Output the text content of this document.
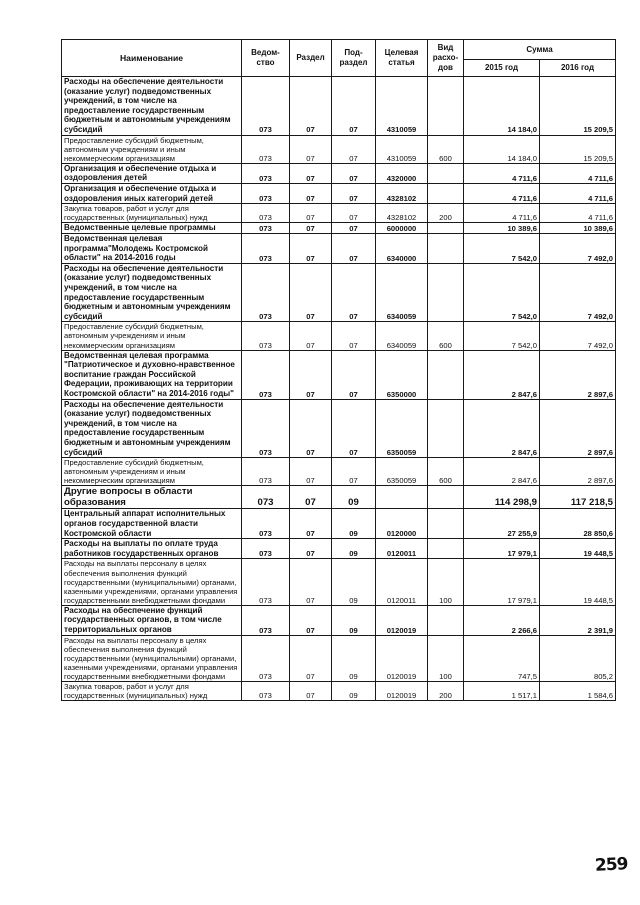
Наименование	Ведом-ство	Раздел	Под-раздел	Целевая статья	Вид расхо-дов	Сумма	
						2015 год	2016 год
Расходы на обеспечение деятельности (оказание услуг) подведомственных учреждений, в том числе на предоставление государственным бюджетным и автономным учреждениям субсидий	073	07	07	4310059		14 184,0	15 209,5
Предоставление субсидий бюджетным, автономным учреждениям и иным некоммерческим организациям	073	07	07	4310059	600	14 184,0	15 209,5
Организация и обеспечение отдыха и оздоровления детей	073	07	07	4320000		4 711,6	4 711,6
Организация и обеспечение отдыха и оздоровления иных категорий детей	073	07	07	4328102		4 711,6	4 711,6
Закупка товаров, работ и услуг для государственных (муниципальных) нужд	073	07	07	4328102	200	4 711,6	4 711,6
Ведомственные целевые программы	073	07	07	6000000		10 389,6	10 389,6
Ведомственная целевая программа"Молодежь Костромской области" на 2014-2016 годы	073	07	07	6340000		7 542,0	7 492,0
Расходы на обеспечение деятельности (оказание услуг) подведомственных учреждений, в том числе на предоставление государственным бюджетным и автономным учреждениям субсидий	073	07	07	6340059		7 542,0	7 492,0
Предоставление субсидий бюджетным, автономным учреждениям и иным некоммерческим организациям	073	07	07	6340059	600	7 542,0	7 492,0
Ведомственная целевая программа "Патриотическое и духовно-нравственное воспитание граждан Российской Федерации, проживающих на территории Костромской области" на 2014-2016 годы"	073	07	07	6350000		2 847,6	2 897,6
Расходы на обеспечение деятельности (оказание услуг) подведомственных учреждений, в том числе на предоставление государственным бюджетным и автономным учреждениям субсидий	073	07	07	6350059		2 847,6	2 897,6
Предоставление субсидий бюджетным, автономным учреждениям и иным некоммерческим организациям	073	07	07	6350059	600	2 847,6	2 897,6
Другие вопросы в области образования	073	07	09			114 298,9	117 218,5
Центральный аппарат исполнительных органов государственной власти Костромской области	073	07	09	0120000		27 255,9	28 850,6
Расходы на выплаты по оплате труда работников государственных органов	073	07	09	0120011		17 979,1	19 448,5
Расходы на выплаты персоналу в целях обеспечения выполнения функций государственными (муниципальными) органами, казенными учреждениями, органами управления государственными внебюджетными фондами	073	07	09	0120011	100	17 979,1	19 448,5
Расходы на обеспечение функций государственных органов, в том числе территориальных органов	073	07	09	0120019		2 266,6	2 391,9
Расходы на выплаты персоналу в целях обеспечения выполнения функций государственными (муниципальными) органами, казенными учреждениями, органами управления государственными внебюджетными фондами	073	07	09	0120019	100	747,5	805,2
Закупка товаров, работ и услуг для государственных (муниципальных) нужд	073	07	09	0120019	200	1 517,1	1 584,6
259
